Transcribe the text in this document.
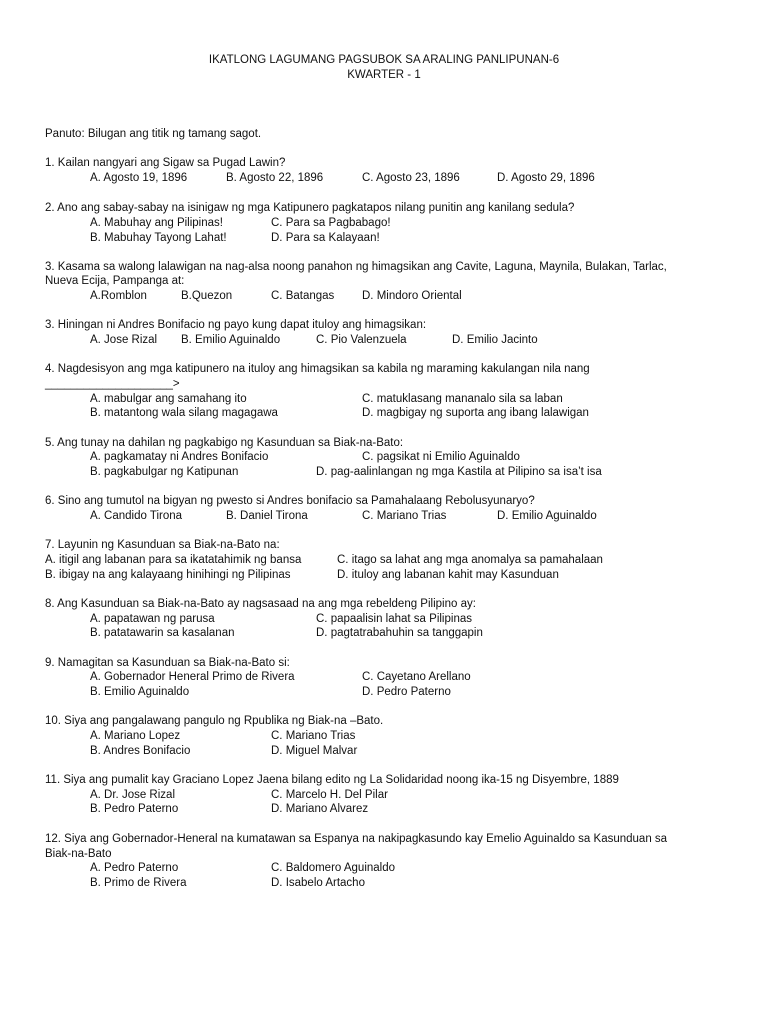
IKATLONG LAGUMANG PAGSUBOK SA ARALING PANLIPUNAN-6
KWARTER - 1
Panuto: Bilugan ang titik ng tamang sagot.
1. Kailan nangyari ang Sigaw sa Pugad Lawin?
A. Agosto 19, 1896	B. Agosto 22, 1896	C. Agosto 23, 1896	D. Agosto 29, 1896
2. Ano ang sabay-sabay na isinigaw ng mga Katipunero pagkatapos nilang punitin ang kanilang sedula?
A. Mabuhay ang Pilipinas!	C. Para sa Pagbabago!
B. Mabuhay Tayong Lahat!	D. Para sa Kalayaan!
3. Kasama sa walong lalawigan na nag-alsa noong panahon ng himagsikan ang Cavite, Laguna, Maynila, Bulakan, Tarlac,
Nueva Ecija, Pampanga at:
A.Romblon	B.Quezon	C. Batangas D. Mindoro Oriental
3. Hiningan ni Andres Bonifacio ng payo kung dapat ituloy ang himagsikan:
A. Jose Rizal B. Emilio Aguinaldo	C. Pio Valenzuela	D. Emilio Jacinto
4. Nagdesisyon ang mga katipunero na ituloy ang himagsikan sa kabila ng maraming kakulangan nila nang
____________________>
A. mabulgar ang samahang ito	C. matuklasang mananalo sila sa laban
B. matantong wala silang magagawa	D. magbigay ng suporta ang ibang lalawigan
5. Ang tunay na dahilan ng pagkabigo ng Kasunduan sa Biak-na-Bato:
A. pagkamatay ni Andres Bonifacio	C. pagsikat ni Emilio Aguinaldo
B. pagkabulgar ng Katipunan	D. pag-aalinlangan ng mga Kastila at Pilipino sa isa’t isa
6. Sino ang tumutol na bigyan ng pwesto si Andres bonifacio sa Pamahalaang Rebolusyunaryo?
A. Candido Tirona	B. Daniel Tirona	C. Mariano Trias	D. Emilio Aguinaldo
7. Layunin ng Kasunduan sa Biak-na-Bato na:
A. itigil ang labanan para sa ikatatahimik ng bansa	C. itago sa lahat ang mga anomalya sa pamahalaan
B. ibigay na ang kalayaang hinihingi ng Pilipinas	D. ituloy ang labanan kahit may Kasunduan
8. Ang Kasunduan sa Biak-na-Bato ay nagsasaad na ang mga rebeldeng Pilipino ay:
A. papatawan ng parusa	C. papaalisin lahat sa Pilipinas
B. patatawarin sa kasalanan	D. pagtatrabahuhin sa tanggapin
9. Namagitan sa Kasunduan sa Biak-na-Bato si:
A. Gobernador Heneral Primo de Rivera	C. Cayetano Arellano
B. Emilio Aguinaldo	D. Pedro Paterno
10. Siya ang pangalawang pangulo ng Rpublika ng Biak-na –Bato.
A. Mariano Lopez	C. Mariano Trias
B. Andres Bonifacio	D. Miguel Malvar
11. Siya ang pumalit kay Graciano Lopez Jaena bilang edito ng La Solidaridad noong ika-15 ng Disyembre, 1889
A. Dr. Jose Rizal	C. Marcelo H. Del Pilar
B. Pedro Paterno	D. Mariano Alvarez
12. Siya ang Gobernador-Heneral na kumatawan sa Espanya na nakipagkasundo kay Emelio Aguinaldo sa Kasunduan sa
Biak-na-Bato
A. Pedro Paterno	C. Baldomero Aguinaldo
B. Primo de Rivera	D. Isabelo Artacho
